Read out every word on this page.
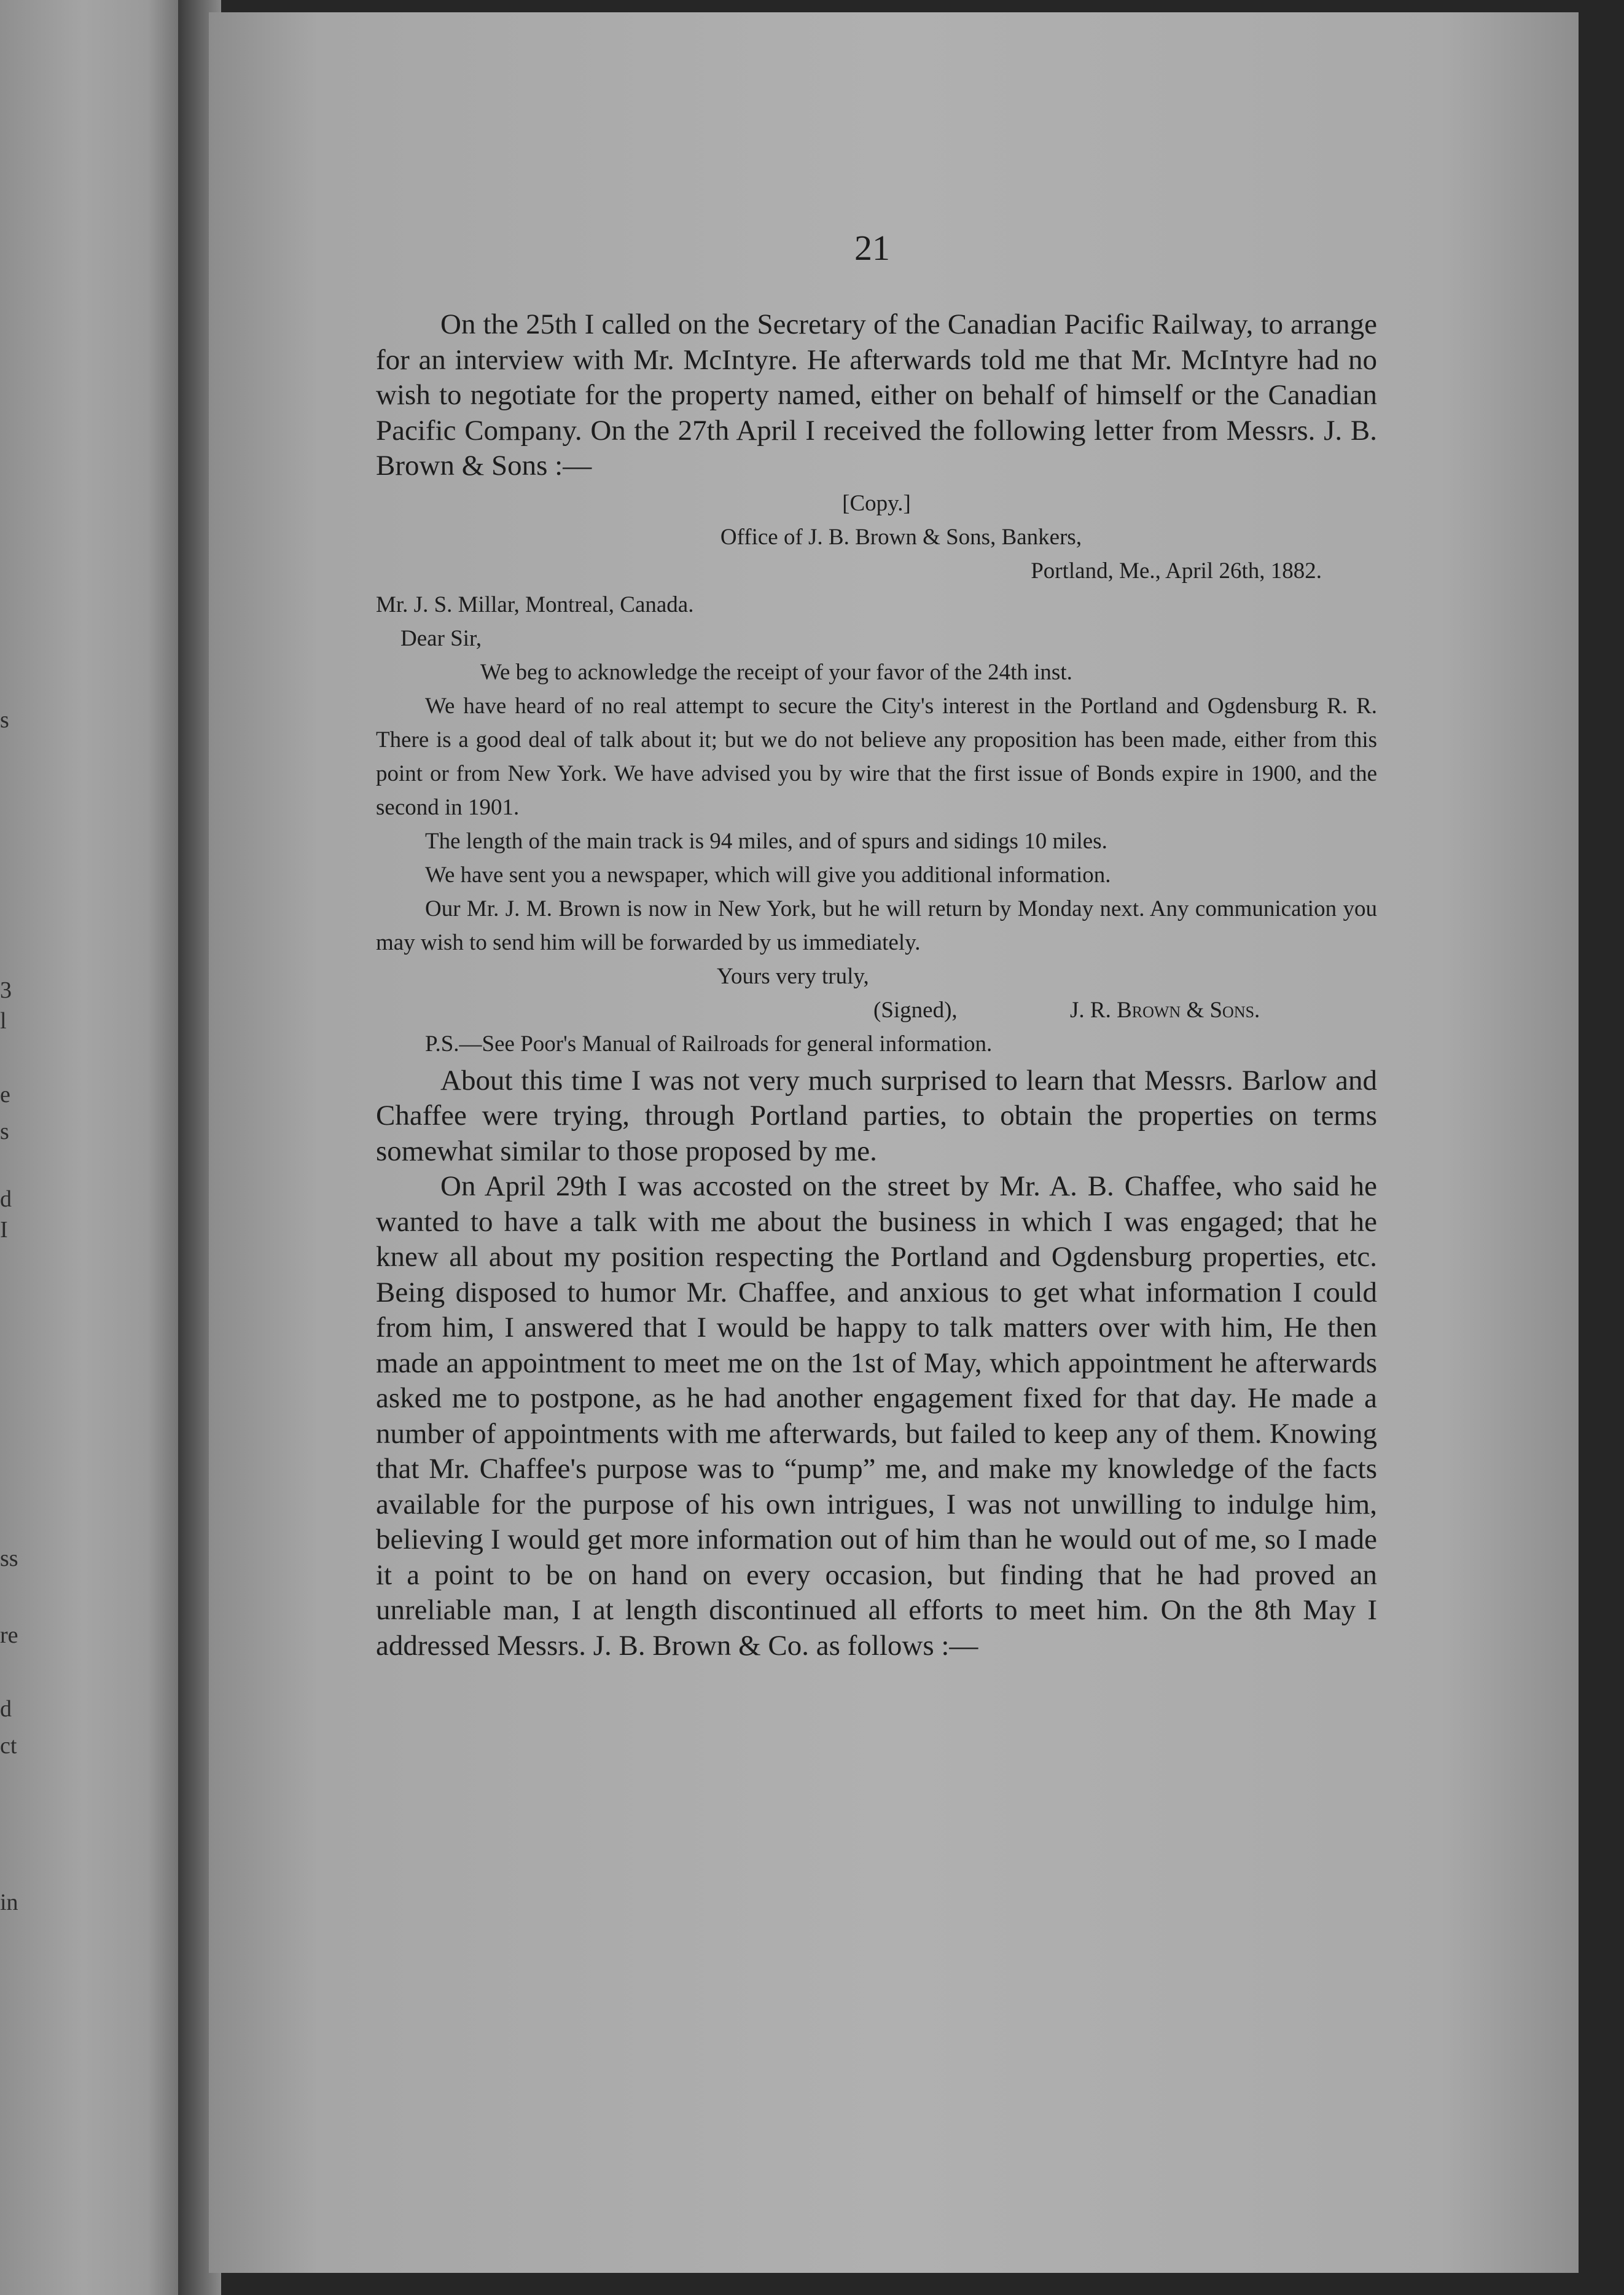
s
3
l
e
s
d
I
ss
re
d
ct
in
21

On the 25th I called on the Secretary of the Canadian Pacific Railway, to arrange for an interview with Mr. McIntyre. He afterwards told me that Mr. McIntyre had no wish to negotiate for the property named, either on behalf of himself or the Canadian Pacific Company. On the 27th April I received the following letter from Messrs. J. B. Brown & Sons :—

[Copy.]

Office of J. B. Brown & Sons, Bankers,

Portland, Me., April 26th, 1882.

Mr. J. S. Millar, Montreal, Canada.

Dear Sir,

We beg to acknowledge the receipt of your favor of the 24th inst.

We have heard of no real attempt to secure the City's interest in the Portland and Ogdensburg R. R. There is a good deal of talk about it; but we do not believe any proposition has been made, either from this point or from New York. We have advised you by wire that the first issue of Bonds expire in 1900, and the second in 1901.

The length of the main track is 94 miles, and of spurs and sidings 10 miles.

We have sent you a newspaper, which will give you additional information.

Our Mr. J. M. Brown is now in New York, but he will return by Monday next. Any communication you may wish to send him will be forwarded by us immediately.

Yours very truly,

(Signed),	J. R. Brown & Sons.

P.S.—See Poor's Manual of Railroads for general information.

About this time I was not very much surprised to learn that Messrs. Barlow and Chaffee were trying, through Portland parties, to obtain the properties on terms somewhat similar to those proposed by me.

On April 29th I was accosted on the street by Mr. A. B. Chaffee, who said he wanted to have a talk with me about the business in which I was engaged; that he knew all about my position respecting the Portland and Ogdensburg properties, etc. Being disposed to humor Mr. Chaffee, and anxious to get what information I could from him, I answered that I would be happy to talk matters over with him, He then made an appointment to meet me on the 1st of May, which appointment he afterwards asked me to postpone, as he had another engagement fixed for that day. He made a number of appointments with me afterwards, but failed to keep any of them. Knowing that Mr. Chaffee's purpose was to “pump” me, and make my knowledge of the facts available for the purpose of his own intrigues, I was not unwilling to indulge him, believing I would get more information out of him than he would out of me, so I made it a point to be on hand on every occasion, but finding that he had proved an unreliable man, I at length discontinued all efforts to meet him. On the 8th May I addressed Messrs. J. B. Brown & Co. as follows :—
